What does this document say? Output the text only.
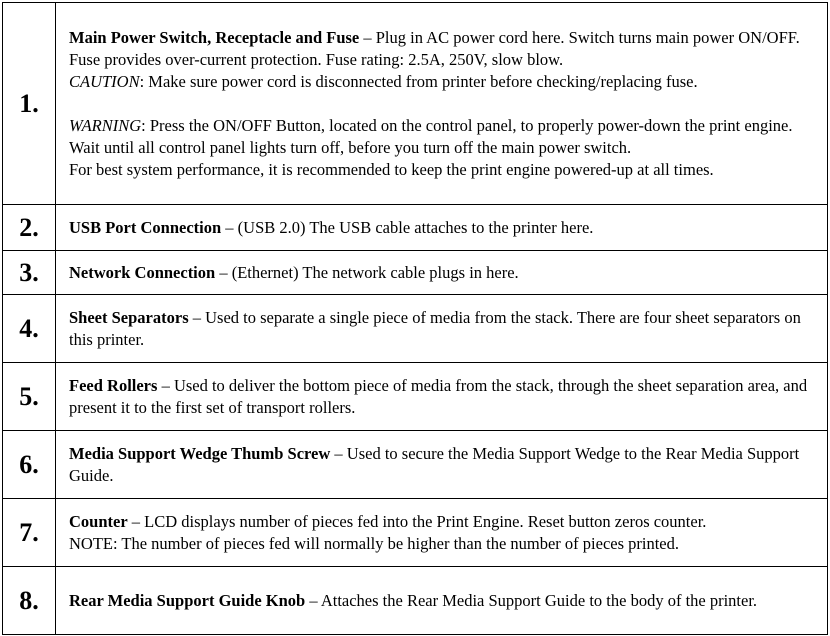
1.	Main Power Switch, Receptacle and Fuse – Plug in AC power cord here. Switch turns main power ON/OFF. Fuse provides over-current protection. Fuse rating: 2.5A, 250V, slow blow.

CAUTION: Make sure power cord is disconnected from printer before checking/replacing fuse.

WARNING: Press the ON/OFF Button, located on the control panel, to properly power-down the print engine. Wait until all control panel lights turn off, before you turn off the main power switch.

For best system performance, it is recommended to keep the print engine powered-up at all times.

2.	USB Port Connection – (USB 2.0) The USB cable attaches to the printer here.

3.	Network Connection – (Ethernet) The network cable plugs in here.

4.	Sheet Separators – Used to separate a single piece of media from the stack. There are four sheet separators on this printer.

5.	Feed Rollers – Used to deliver the bottom piece of media from the stack, through the sheet separation area, and present it to the first set of transport rollers.

6.	Media Support Wedge Thumb Screw – Used to secure the Media Support Wedge to the Rear Media Support Guide.

7.	Counter – LCD displays number of pieces fed into the Print Engine. Reset button zeros counter.

NOTE: The number of pieces fed will normally be higher than the number of pieces printed.

8.	Rear Media Support Guide Knob – Attaches the Rear Media Support Guide to the body of the printer.
